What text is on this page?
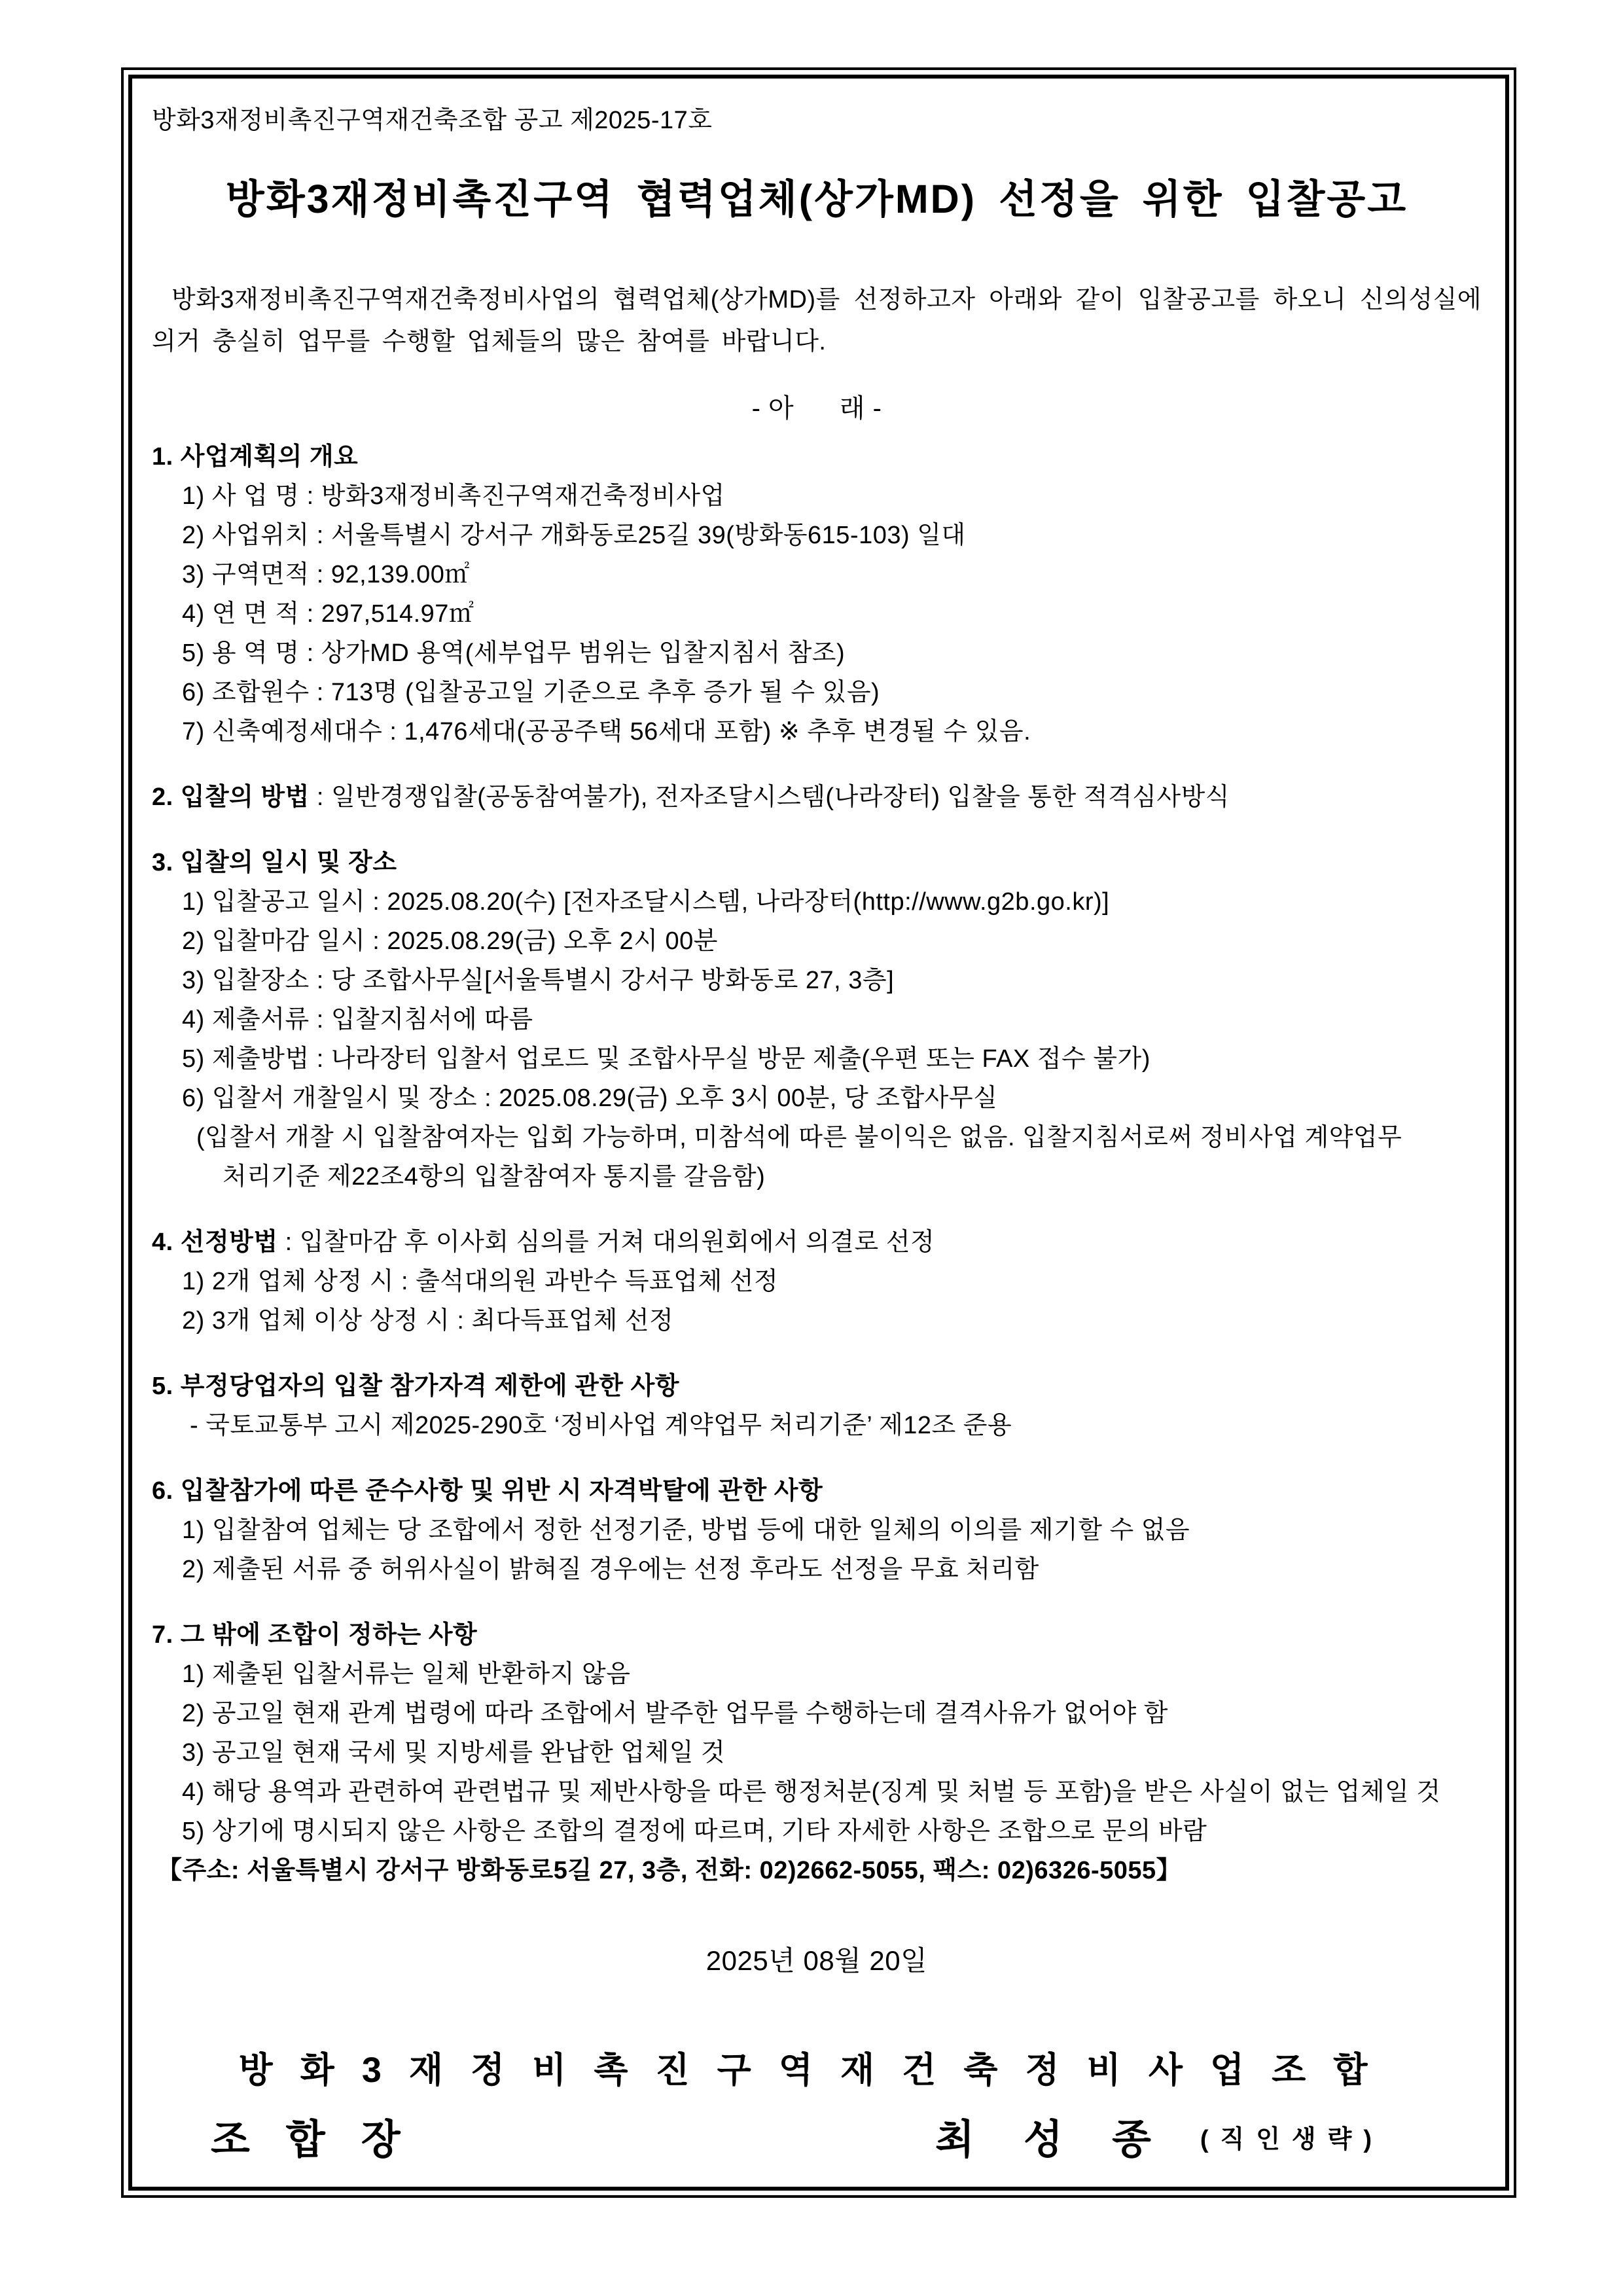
방화3재정비촉진구역재건축조합 공고 제2025-17호

방화3재정비촉진구역 협력업체(상가MD) 선정을 위한 입찰공고

방화3재정비촉진구역재건축정비사업의 협력업체(상가MD)를 선정하고자 아래와 같이 입찰공고를 하오니 신의성실에 의거 충실히 업무를 수행할 업체들의 많은 참여를 바랍니다.

- 아      래 -

1. 사업계획의 개요

1) 사 업 명 : 방화3재정비촉진구역재건축정비사업

2) 사업위치 : 서울특별시 강서구 개화동로25길 39(방화동615-103) 일대

3) 구역면적 : 92,139.00㎡

4) 연 면 적 : 297,514.97㎡

5) 용 역 명 : 상가MD 용역(세부업무 범위는 입찰지침서 참조)

6) 조합원수 : 713명 (입찰공고일 기준으로 추후 증가 될 수 있음)

7) 신축예정세대수 : 1,476세대(공공주택 56세대 포함) ※ 추후 변경될 수 있음.

2. 입찰의 방법 : 일반경쟁입찰(공동참여불가), 전자조달시스템(나라장터) 입찰을 통한 적격심사방식

3. 입찰의 일시 및 장소

1) 입찰공고 일시 : 2025.08.20(수) [전자조달시스템, 나라장터(http://www.g2b.go.kr)]

2) 입찰마감 일시 : 2025.08.29(금) 오후 2시 00분

3) 입찰장소 : 당 조합사무실[서울특별시 강서구 방화동로 27, 3층]

4) 제출서류 : 입찰지침서에 따름

5) 제출방법 : 나라장터 입찰서 업로드 및 조합사무실 방문 제출(우편 또는 FAX 접수 불가)

6) 입찰서 개찰일시 및 장소 : 2025.08.29(금) 오후 3시 00분, 당 조합사무실

(입찰서 개찰 시 입찰참여자는 입회 가능하며, 미참석에 따른 불이익은 없음. 입찰지침서로써 정비사업 계약업무

처리기준 제22조4항의 입찰참여자 통지를 갈음함)

4. 선정방법 : 입찰마감 후 이사회 심의를 거쳐 대의원회에서 의결로 선정

1) 2개 업체 상정 시 : 출석대의원 과반수 득표업체 선정

2) 3개 업체 이상 상정 시 : 최다득표업체 선정

5. 부정당업자의 입찰 참가자격 제한에 관한 사항

- 국토교통부 고시 제2025-290호 ‘정비사업 계약업무 처리기준’ 제12조 준용

6. 입찰참가에 따른 준수사항 및 위반 시 자격박탈에 관한 사항

1) 입찰참여 업체는 당 조합에서 정한 선정기준, 방법 등에 대한 일체의 이의를 제기할 수 없음

2) 제출된 서류 중 허위사실이 밝혀질 경우에는 선정 후라도 선정을 무효 처리함

7. 그 밖에 조합이 정하는 사항

1) 제출된 입찰서류는 일체 반환하지 않음

2) 공고일 현재 관계 법령에 따라 조합에서 발주한 업무를 수행하는데 결격사유가 없어야 함

3) 공고일 현재 국세 및 지방세를 완납한 업체일 것

4) 해당 용역과 관련하여 관련법규 및 제반사항을 따른 행정처분(징계 및 처벌 등 포함)을 받은 사실이 없는 업체일 것

5) 상기에 명시되지 않은 사항은 조합의 결정에 따르며, 기타 자세한 사항은 조합으로 문의 바람

【주소: 서울특별시 강서구 방화동로5길 27, 3층, 전화: 02)2662-5055, 팩스: 02)6326-5055】

2025년 08월 20일

방화3재정비촉진구역재건축정비사업조합

조합장	최성종 (직인생략)
